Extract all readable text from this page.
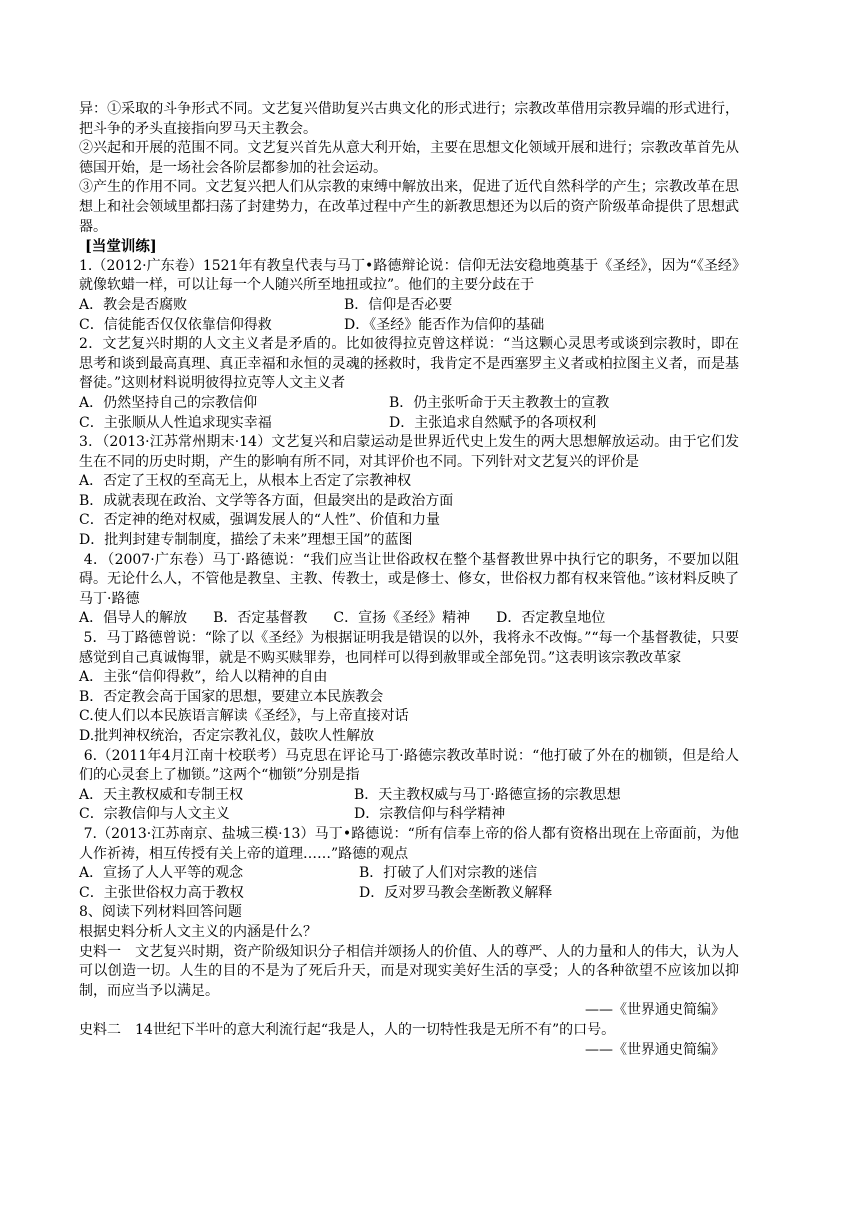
异：①采取的斗争形式不同。文艺复兴借助复兴古典文化的形式进行；宗教改革借用宗教异端的形式进行，把斗争的矛头直接指向罗马天主教会。

②兴起和开展的范围不同。文艺复兴首先从意大利开始，主要在思想文化领域开展和进行；宗教改革首先从德国开始，是一场社会各阶层都参加的社会运动。

③产生的作用不同。文艺复兴把人们从宗教的束缚中解放出来，促进了近代自然科学的产生；宗教改革在思想上和社会领域里都扫荡了封建势力，在改革过程中产生的新教思想还为以后的资产阶级革命提供了思想武器。

[当堂训练]

1.（2012·广东卷）1521年有教皇代表与马丁•路德辩论说：信仰无法安稳地奠基于《圣经》，因为“《圣经》就像软蜡一样，可以让每一个人随兴所至地扭或拉”。他们的主要分歧在于

A．教会是否腐败	B．信仰是否必要
C．信徒能否仅仅依靠信仰得救	D．《圣经》能否作为信仰的基础

2．文艺复兴时期的人文主义者是矛盾的。比如彼得拉克曾这样说：“当这颗心灵思考或谈到宗教时，即在思考和谈到最高真理、真正幸福和永恒的灵魂的拯救时，我肯定不是西塞罗主义者或柏拉图主义者，而是基督徒。”这则材料说明彼得拉克等人文主义者

A．仍然坚持自己的宗教信仰	B．仍主张听命于天主教教士的宣教
C．主张顺从人性追求现实幸福	D．主张追求自然赋予的各项权利

3．（2013·江苏常州期末·14）文艺复兴和启蒙运动是世界近代史上发生的两大思想解放运动。由于它们发生在不同的历史时期，产生的影响有所不同，对其评价也不同。下列针对文艺复兴的评价是

A．否定了王权的至高无上，从根本上否定了宗教神权

B．成就表现在政治、文学等各方面，但最突出的是政治方面

C．否定神的绝对权威，强调发展人的“人性”、价值和力量

D．批判封建专制制度，描绘了未来”理想王国”的蓝图

4．（2007·广东卷）马丁·路德说：“我们应当让世俗政权在整个基督教世界中执行它的职务，不要加以阻碍。无论什么人，不管他是教皇、主教、传教士，或是修士、修女，世俗权力都有权来管他。”该材料反映了马丁·路德

A．倡导人的解放 B．否定基督教 C．宣扬《圣经》精神 D．否定教皇地位

5．马丁路德曾说：“除了以《圣经》为根据证明我是错误的以外，我将永不改悔。”“每一个基督教徒，只要感觉到自己真诚悔罪，就是不购买赎罪券，也同样可以得到赦罪或全部免罚。”这表明该宗教改革家

A．主张“信仰得救”，给人以精神的自由

B．否定教会高于国家的思想，要建立本民族教会

C.使人们以本民族语言解读《圣经》，与上帝直接对话

D.批判神权统治，否定宗教礼仪，鼓吹人性解放

6.（2011年4月江南十校联考）马克思在评论马丁·路德宗教改革时说：“他打破了外在的枷锁，但是给人们的心灵套上了枷锁。”这两个“枷锁”分别是指

A．天主教权威和专制王权	B．天主教权威与马丁·路德宣扬的宗教思想
C．宗教信仰与人文主义	D．宗教信仰与科学精神

7.（2013·江苏南京、盐城三模·13）马丁•路德说：“所有信奉上帝的俗人都有资格出现在上帝面前，为他人作祈祷，相互传授有关上帝的道理……”路德的观点

A．宣扬了人人平等的观念	B．打破了人们对宗教的迷信
C．主张世俗权力高于教权	D．反对罗马教会垄断教义解释

8、阅读下列材料回答问题

根据史料分析人文主义的内涵是什么？

史料一　文艺复兴时期，资产阶级知识分子相信并颂扬人的价值、人的尊严、人的力量和人的伟大，认为人可以创造一切。人生的目的不是为了死后升天，而是对现实美好生活的享受；人的各种欲望不应该加以抑制，而应当予以满足。

——《世界通史简编》

史料二　14世纪下半叶的意大利流行起“我是人，人的一切特性我是无所不有”的口号。

——《世界通史简编》
